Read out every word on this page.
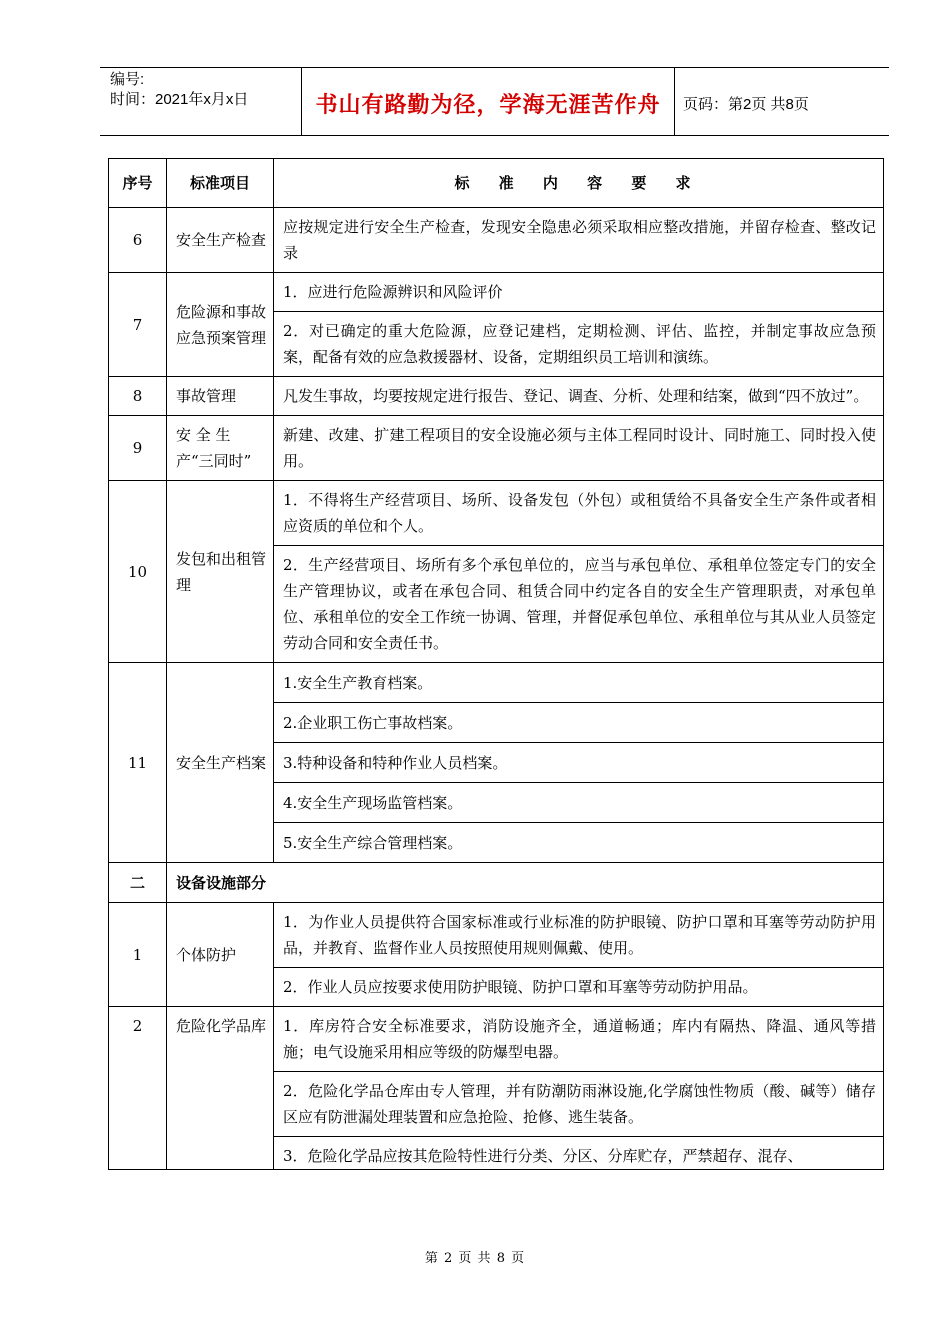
编号:
时间：2021年x月x日	书山有路勤为径，学海无涯苦作舟	页码：第2页 共8页
序号	标准项目	标 准 内 容 要 求
6	安全生产检查	应按规定进行安全生产检查，发现安全隐患必须采取相应整改措施，并留存检查、整改记录
7	危险源和事故应急预案管理	1．应进行危险源辨识和风险评价
		2．对已确定的重大危险源，应登记建档，定期检测、评估、监控，并制定事故应急预案，配备有效的应急救援器材、设备，定期组织员工培训和演练。
8	事故管理	凡发生事故，均要按规定进行报告、登记、调查、分析、处理和结案，做到“四不放过”。
9	安 全 生 产“三同时”	新建、改建、扩建工程项目的安全设施必须与主体工程同时设计、同时施工、同时投入使用。
10	发包和出租管理	1．不得将生产经营项目、场所、设备发包（外包）或租赁给不具备安全生产条件或者相应资质的单位和个人。
		2．生产经营项目、场所有多个承包单位的，应当与承包单位、承租单位签定专门的安全生产管理协议，或者在承包合同、租赁合同中约定各自的安全生产管理职责，对承包单位、承租单位的安全工作统一协调、管理，并督促承包单位、承租单位与其从业人员签定劳动合同和安全责任书。
11	安全生产档案	1.安全生产教育档案。
		2.企业职工伤亡事故档案。
		3.特种设备和特种作业人员档案。
		4.安全生产现场监管档案。
		5.安全生产综合管理档案。
二	设备设施部分	
1	个体防护	1．为作业人员提供符合国家标准或行业标准的防护眼镜、防护口罩和耳塞等劳动防护用品，并教育、监督作业人员按照使用规则佩戴、使用。
		2．作业人员应按要求使用防护眼镜、防护口罩和耳塞等劳动防护用品。
2	危险化学品库	1．库房符合安全标准要求，消防设施齐全，通道畅通；库内有隔热、降温、通风等措施；电气设施采用相应等级的防爆型电器。
		2．危险化学品仓库由专人管理，并有防潮防雨淋设施,化学腐蚀性物质（酸、碱等）储存区应有防泄漏处理装置和应急抢险、抢修、逃生装备。
		3．危险化学品应按其危险特性进行分类、分区、分库贮存，严禁超存、混存、
第 2 页 共 8 页
